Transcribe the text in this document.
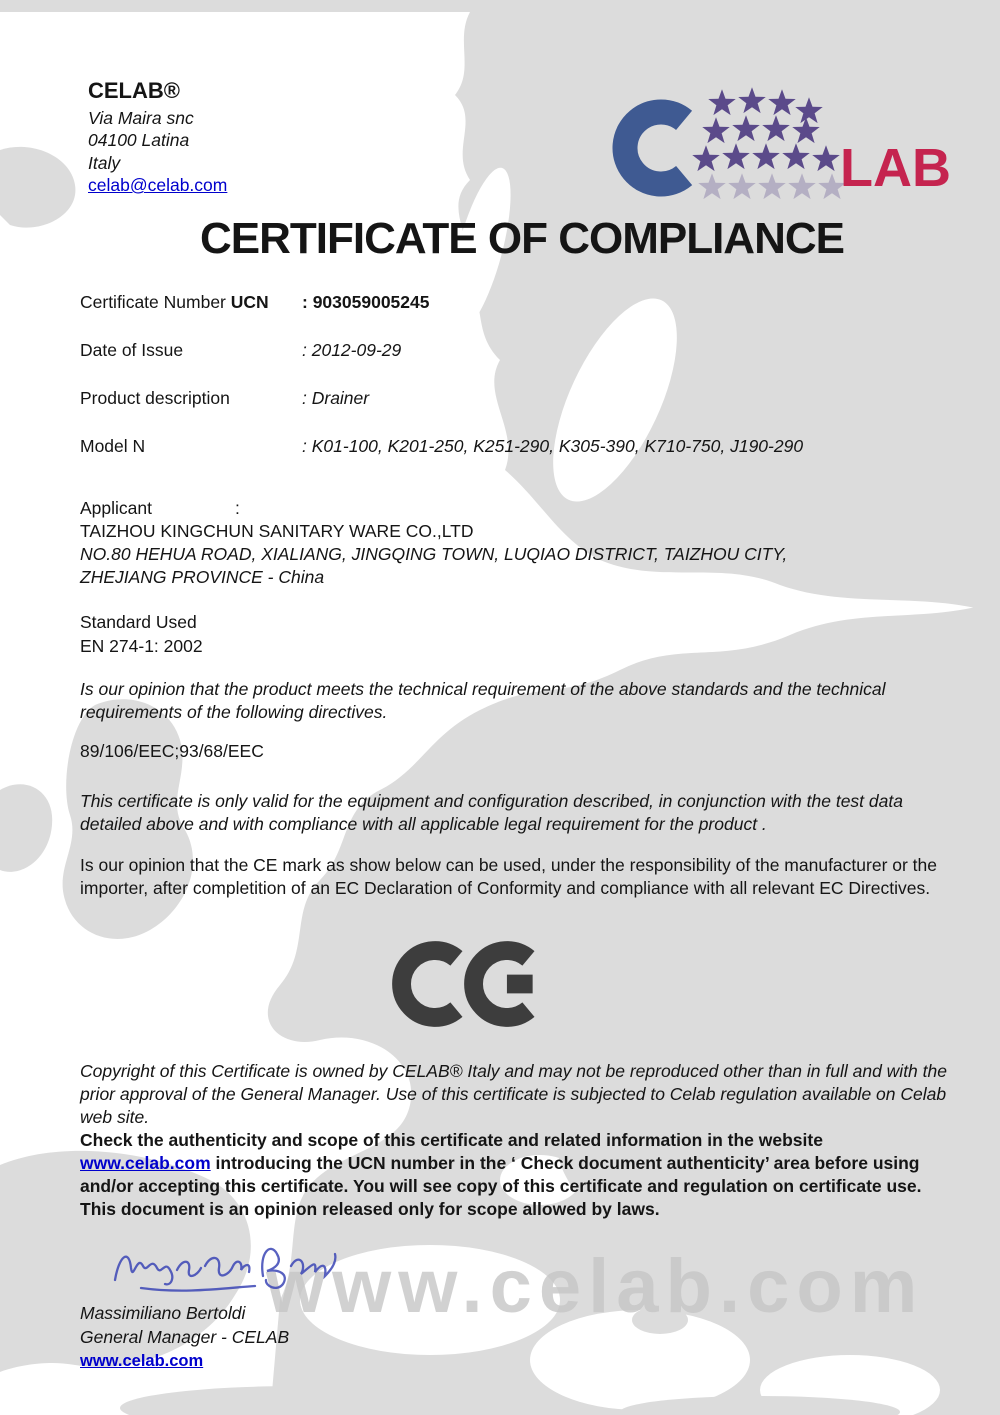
www.celab.com
CELAB®
Via Maira snc
04100 Latina
Italy
celab@celab.com	LAB
CERTIFICATE OF COMPLIANCE
Certificate Number UCN	: 903059005245
Date of Issue	: 2012-09-29
Product description	: Drainer
Model N	: K01-100, K201-250, K251-290, K305-390, K710-750, J190-290
Applicant	:
TAIZHOU KINGCHUN SANITARY WARE CO.,LTD
NO.80 HEHUA ROAD, XIALIANG, JINGQING TOWN, LUQIAO DISTRICT, TAIZHOU CITY,
ZHEJIANG PROVINCE - China
Standard Used
EN 274-1: 2002

Is our opinion that the product meets the technical requirement of the above standards and the technical requirements of the following directives.

89/106/EEC;93/68/EEC

This certificate is only valid for the equipment and configuration described, in conjunction with the test data detailed above and with compliance with all applicable legal requirement for the product .

Is our opinion that the CE mark as show below can be used, under the responsibility of the manufacturer or the importer, after completition of an EC Declaration of Conformity and compliance with all relevant EC Directives.

Copyright of this Certificate is owned by CELAB® Italy and may not be reproduced other than in full and with the prior approval of the General Manager. Use of this certificate is subjected to Celab regulation available on Celab web site.

Check the authenticity and scope of this certificate and related information in the website www.celab.com introducing the UCN number in the ‘ Check document authenticity’ area before using and/or accepting this certificate. You will see copy of this certificate and regulation on certificate use. This document is an opinion released only for scope allowed by laws.

Massimiliano Bertoldi
General Manager - CELAB
www.celab.com
